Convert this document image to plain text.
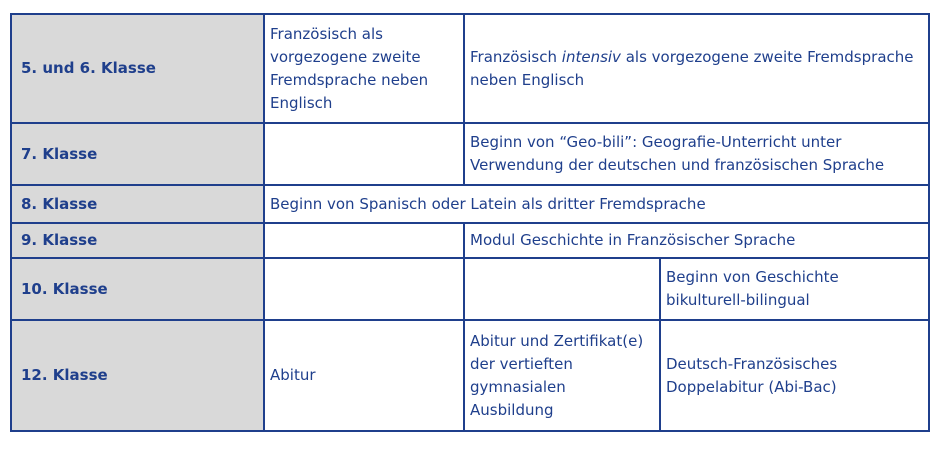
5. und 6. Klasse	Französisch als vorgezogene zweite Fremdsprache neben Englisch	Französisch intensiv als vorgezogene zweite Fremdsprache neben Englisch	
7. Klasse		Beginn von “Geo-bili”: Geografie-Unterricht unter Verwendung der deutschen und französischen Sprache	
8. Klasse	Beginn von Spanisch oder Latein als dritter Fremdsprache		
9. Klasse		Modul Geschichte in Französischer Sprache	
10. Klasse			Beginn von Geschichte bikulturell-bilingual
12. Klasse	Abitur	Abitur und Zertifikat(e) der vertieften gymnasialen Ausbildung	Deutsch-Französisches Doppelabitur (Abi-Bac)
